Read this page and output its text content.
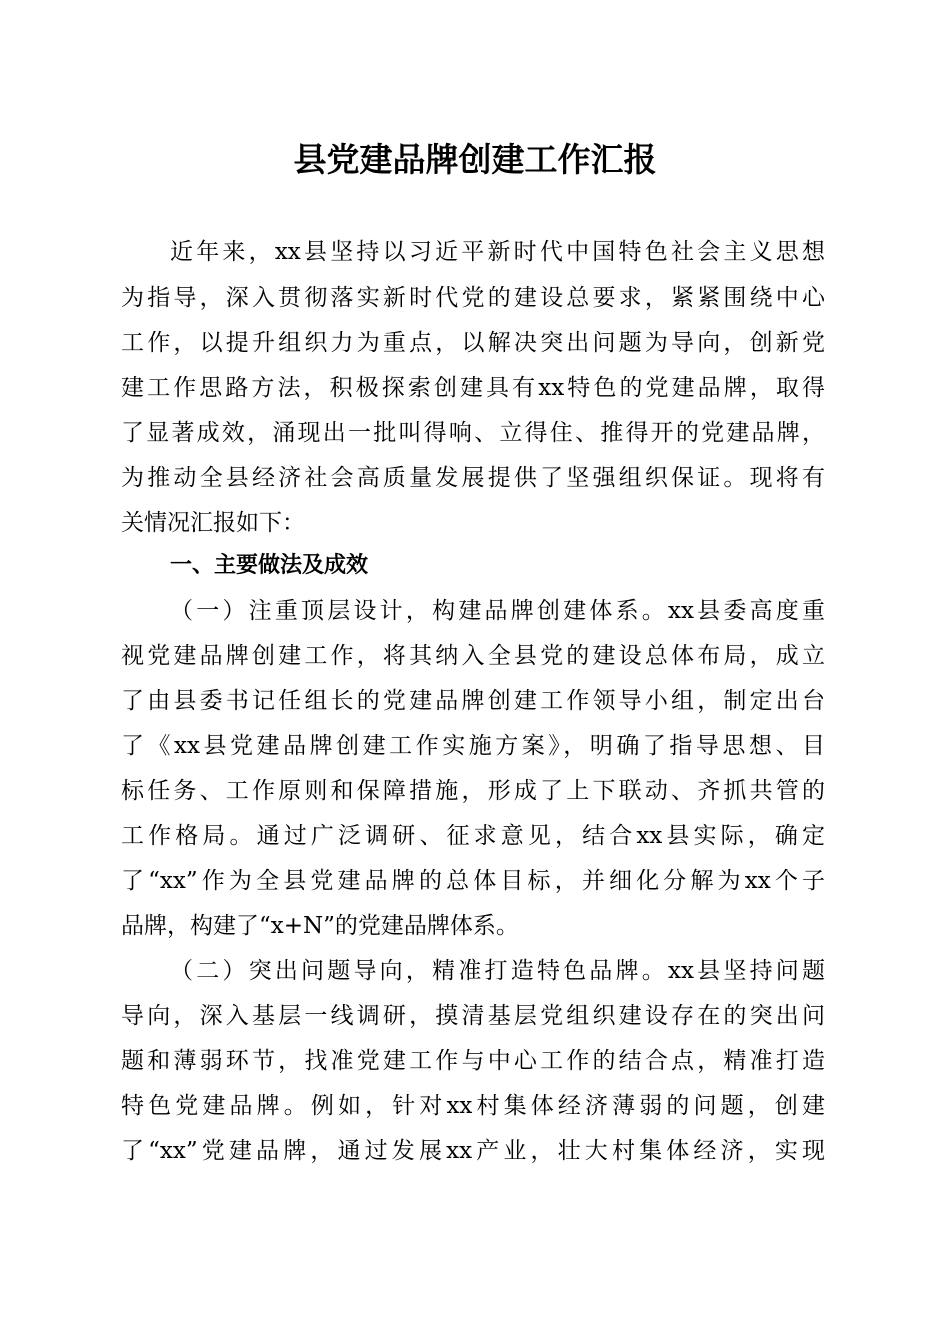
县党建品牌创建工作汇报
近年来，xx县坚持以习近平新时代中国特色社会主义思想
为指导，深入贯彻落实新时代党的建设总要求，紧紧围绕中心
工作，以提升组织力为重点，以解决突出问题为导向，创新党
建工作思路方法，积极探索创建具有xx特色的党建品牌，取得
了显著成效，涌现出一批叫得响、立得住、推得开的党建品牌，
为推动全县经济社会高质量发展提供了坚强组织保证。现将有
关情况汇报如下：
一、主要做法及成效
（一）注重顶层设计，构建品牌创建体系。xx县委高度重
视党建品牌创建工作，将其纳入全县党的建设总体布局，成立
了由县委书记任组长的党建品牌创建工作领导小组，制定出台
了《xx县党建品牌创建工作实施方案》，明确了指导思想、目
标任务、工作原则和保障措施，形成了上下联动、齐抓共管的
工作格局。通过广泛调研、征求意见，结合xx县实际，确定
了“xx”作为全县党建品牌的总体目标，并细化分解为xx个子
品牌，构建了“x+N”的党建品牌体系。
（二）突出问题导向，精准打造特色品牌。xx县坚持问题
导向，深入基层一线调研，摸清基层党组织建设存在的突出问
题和薄弱环节，找准党建工作与中心工作的结合点，精准打造
特色党建品牌。例如，针对xx村集体经济薄弱的问题，创建
了“xx”党建品牌，通过发展xx产业，壮大村集体经济，实现
